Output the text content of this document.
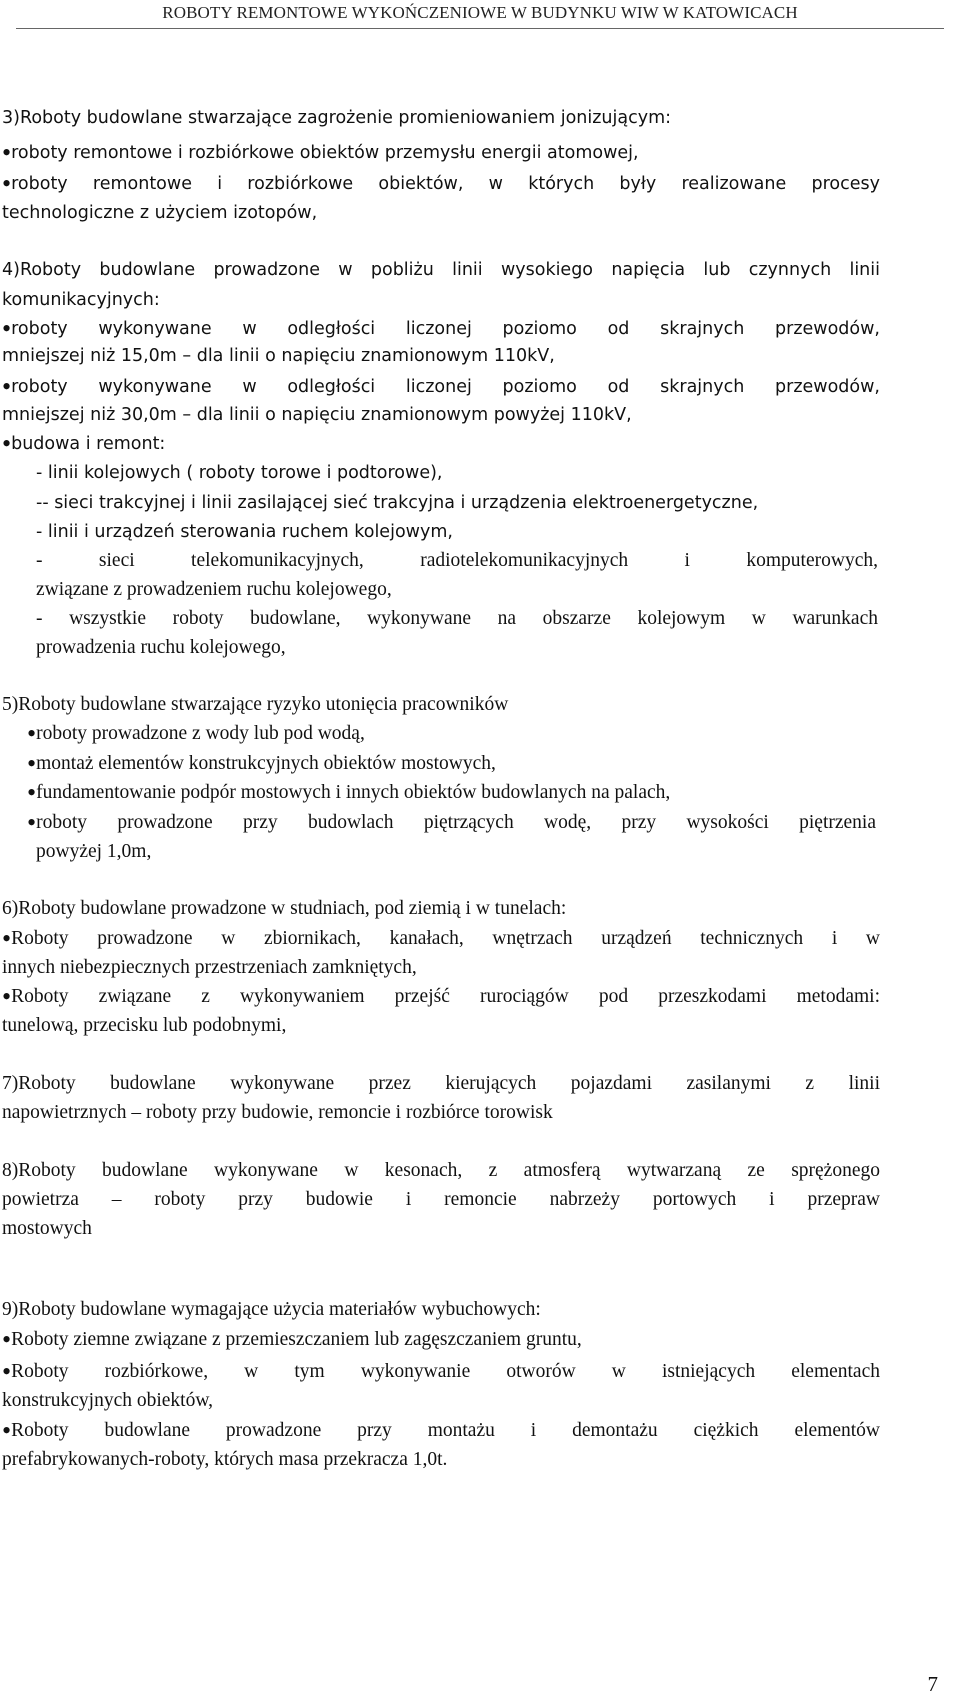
ROBOTY REMONTOWE WYKOŃCZENIOWE W BUDYNKU WIW W KATOWICACH
3)Roboty budowlane stwarzające zagrożenie promieniowaniem jonizującym:
• roboty remontowe i rozbiórkowe obiektów przemysłu energii atomowej,
• roboty remontowe i rozbiórkowe obiektów, w których były realizowane procesy
technologiczne z użyciem izotopów,
4)Roboty budowlane prowadzone w pobliżu linii wysokiego napięcia lub czynnych linii
komunikacyjnych:
• roboty wykonywane w odległości liczonej poziomo od skrajnych przewodów,
mniejszej niż 15,0m – dla linii o napięciu znamionowym 110kV,
• roboty wykonywane w odległości liczonej poziomo od skrajnych przewodów,
mniejszej niż 30,0m – dla linii o napięciu znamionowym powyżej 110kV,
• budowa i remont:
- linii kolejowych ( roboty torowe i podtorowe),
-- sieci trakcyjnej i linii zasilającej sieć trakcyjna i urządzenia elektroenergetyczne,
- linii i urządzeń sterowania ruchem kolejowym,
- sieci telekomunikacyjnych, radiotelekomunikacyjnych i komputerowych,
związane z prowadzeniem ruchu kolejowego,
- wszystkie roboty budowlane, wykonywane na obszarze kolejowym w warunkach
prowadzenia ruchu kolejowego,
5)Roboty budowlane stwarzające ryzyko utonięcia pracowników
• roboty prowadzone z wody lub pod wodą,
• montaż elementów konstrukcyjnych obiektów mostowych,
• fundamentowanie podpór mostowych i innych obiektów budowlanych na palach,
• roboty prowadzone przy budowlach piętrzących wodę, przy wysokości piętrzenia
powyżej 1,0m,
6)Roboty budowlane prowadzone w studniach, pod ziemią i w tunelach:
• Roboty prowadzone w zbiornikach, kanałach, wnętrzach urządzeń technicznych i w
innych niebezpiecznych przestrzeniach zamkniętych,
• Roboty związane z wykonywaniem przejść rurociągów pod przeszkodami metodami:
tunelową, przecisku lub podobnymi,
7)Roboty budowlane wykonywane przez kierujących pojazdami zasilanymi z linii
napowietrznych – roboty przy budowie, remoncie i rozbiórce torowisk
8)Roboty budowlane wykonywane w kesonach, z atmosferą wytwarzaną ze sprężonego
powietrza – roboty przy budowie i remoncie nabrzeży portowych i przepraw
mostowych
9)Roboty budowlane wymagające użycia materiałów wybuchowych:
• Roboty ziemne związane z przemieszczaniem lub zagęszczaniem gruntu,
• Roboty rozbiórkowe, w tym wykonywanie otworów w istniejących elementach
konstrukcyjnych obiektów,
• Roboty budowlane prowadzone przy montażu i demontażu ciężkich elementów
prefabrykowanych-roboty, których masa przekracza 1,0t.
7
